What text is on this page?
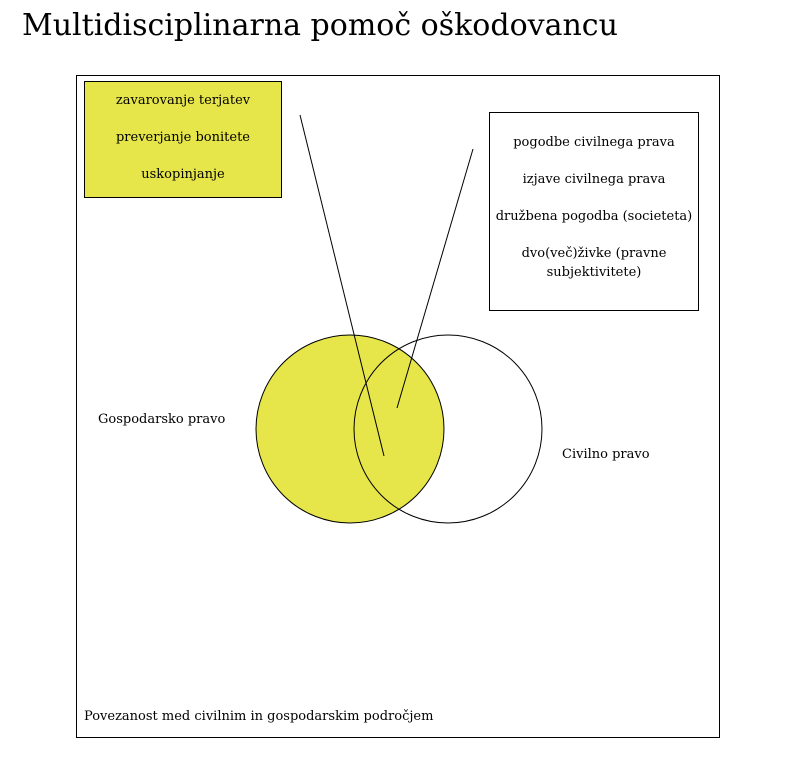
Multidisciplinarna pomoč oškodovancu
zavarovanje terjatev
preverjanje bonitete
uskopinjanje
pogodbe civilnega prava
izjave civilnega prava
družbena pogodba (societeta)
dvo(več)živke (pravne subjektivitete)
Gospodarsko pravo
Civilno pravo
Povezanost med civilnim in gospodarskim področjem
